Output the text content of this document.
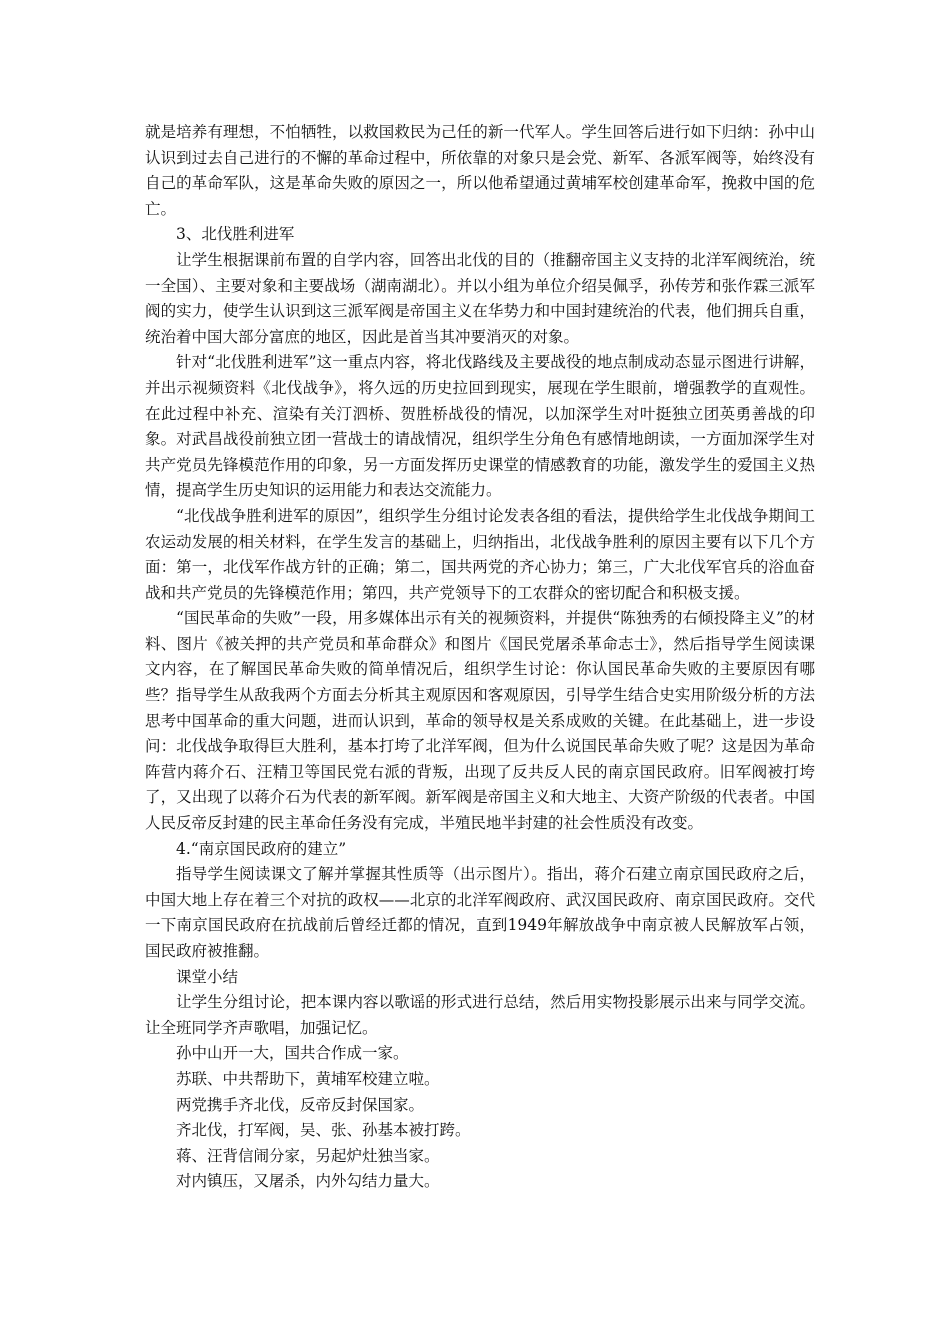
就是培养有理想，不怕牺牲，以救国救民为己任的新一代军人。学生回答后进行如下归纳：孙中山认识到过去自己进行的不懈的革命过程中，所依靠的对象只是会党、新军、各派军阀等，始终没有自己的革命军队，这是革命失败的原因之一，所以他希望通过黄埔军校创建革命军，挽救中国的危亡。

3、北伐胜利进军

让学生根据课前布置的自学内容，回答出北伐的目的（推翻帝国主义支持的北洋军阀统治，统一全国）、主要对象和主要战场（湖南湖北）。并以小组为单位介绍吴佩孚，孙传芳和张作霖三派军阀的实力，使学生认识到这三派军阀是帝国主义在华势力和中国封建统治的代表，他们拥兵自重，统治着中国大部分富庶的地区，因此是首当其冲要消灭的对象。

针对“北伐胜利进军”这一重点内容，将北伐路线及主要战役的地点制成动态显示图进行讲解，并出示视频资料《北伐战争》，将久远的历史拉回到现实，展现在学生眼前，增强教学的直观性。在此过程中补充、渲染有关汀泗桥、贺胜桥战役的情况，以加深学生对叶挺独立团英勇善战的印象。对武昌战役前独立团一营战士的请战情况，组织学生分角色有感情地朗读，一方面加深学生对共产党员先锋模范作用的印象，另一方面发挥历史课堂的情感教育的功能，激发学生的爱国主义热情，提高学生历史知识的运用能力和表达交流能力。

“北伐战争胜利进军的原因”，组织学生分组讨论发表各组的看法，提供给学生北伐战争期间工农运动发展的相关材料，在学生发言的基础上，归纳指出，北伐战争胜利的原因主要有以下几个方面：第一，北伐军作战方针的正确；第二，国共两党的齐心协力；第三，广大北伐军官兵的浴血奋战和共产党员的先锋模范作用；第四，共产党领导下的工农群众的密切配合和积极支援。

“国民革命的失败”一段，用多媒体出示有关的视频资料，并提供“陈独秀的右倾投降主义”的材料、图片《被关押的共产党员和革命群众》和图片《国民党屠杀革命志士》，然后指导学生阅读课文内容，在了解国民革命失败的简单情况后，组织学生讨论：你认国民革命失败的主要原因有哪些？指导学生从敌我两个方面去分析其主观原因和客观原因，引导学生结合史实用阶级分析的方法思考中国革命的重大问题，进而认识到，革命的领导权是关系成败的关键。在此基础上，进一步设问：北伐战争取得巨大胜利，基本打垮了北洋军阀，但为什么说国民革命失败了呢？这是因为革命阵营内蒋介石、汪精卫等国民党右派的背叛，出现了反共反人民的南京国民政府。旧军阀被打垮了，又出现了以蒋介石为代表的新军阀。新军阀是帝国主义和大地主、大资产阶级的代表者。中国人民反帝反封建的民主革命任务没有完成，半殖民地半封建的社会性质没有改变。

4.“南京国民政府的建立”

指导学生阅读课文了解并掌握其性质等（出示图片）。指出，蒋介石建立南京国民政府之后，中国大地上存在着三个对抗的政权——北京的北洋军阀政府、武汉国民政府、南京国民政府。交代一下南京国民政府在抗战前后曾经迁都的情况，直到1949年解放战争中南京被人民解放军占领，国民政府被推翻。

课堂小结

让学生分组讨论，把本课内容以歌谣的形式进行总结，然后用实物投影展示出来与同学交流。让全班同学齐声歌唱，加强记忆。

孙中山开一大，国共合作成一家。

苏联、中共帮助下，黄埔军校建立啦。

两党携手齐北伐，反帝反封保国家。

齐北伐，打军阀，吴、张、孙基本被打跨。

蒋、汪背信闹分家，另起炉灶独当家。

对内镇压，又屠杀，内外勾结力量大。
